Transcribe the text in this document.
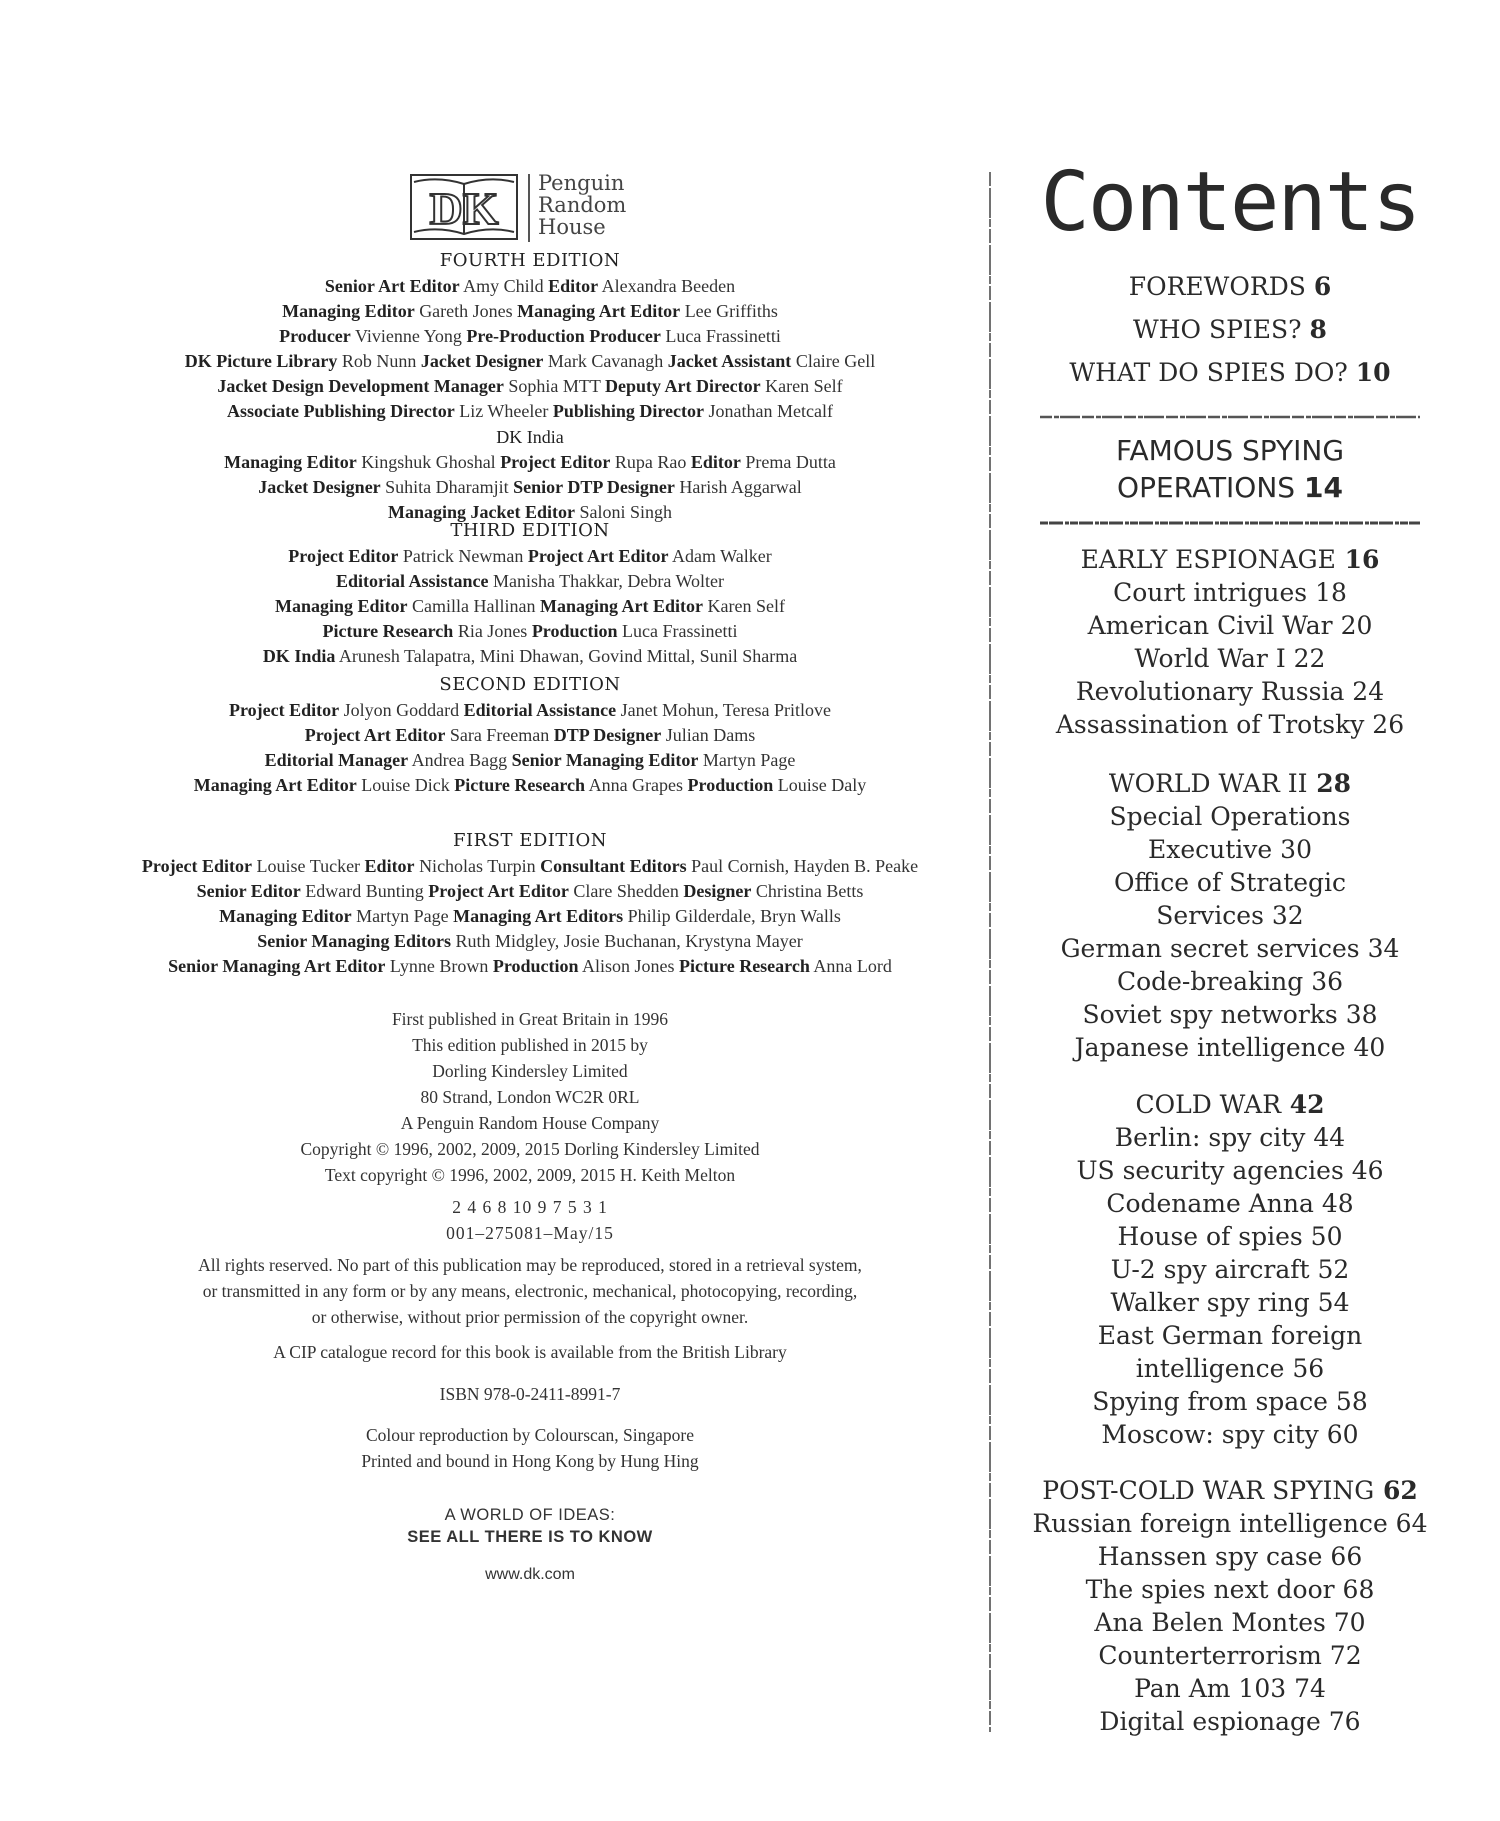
DK Penguin
Random
House
FOURTH EDITION
Senior Art Editor Amy Child Editor Alexandra Beeden
Managing Editor Gareth Jones Managing Art Editor Lee Griffiths
Producer Vivienne Yong Pre-Production Producer Luca Frassinetti
DK Picture Library Rob Nunn Jacket Designer Mark Cavanagh Jacket Assistant Claire Gell
Jacket Design Development Manager Sophia MTT Deputy Art Director Karen Self
Associate Publishing Director Liz Wheeler Publishing Director Jonathan Metcalf
DK India
Managing Editor Kingshuk Ghoshal Project Editor Rupa Rao Editor Prema Dutta
Jacket Designer Suhita Dharamjit Senior DTP Designer Harish Aggarwal
Managing Jacket Editor Saloni Singh
THIRD EDITION
Project Editor Patrick Newman Project Art Editor Adam Walker
Editorial Assistance Manisha Thakkar, Debra Wolter
Managing Editor Camilla Hallinan Managing Art Editor Karen Self
Picture Research Ria Jones Production Luca Frassinetti
DK India Arunesh Talapatra, Mini Dhawan, Govind Mittal, Sunil Sharma
SECOND EDITION
Project Editor Jolyon Goddard Editorial Assistance Janet Mohun, Teresa Pritlove
Project Art Editor Sara Freeman DTP Designer Julian Dams
Editorial Manager Andrea Bagg Senior Managing Editor Martyn Page
Managing Art Editor Louise Dick Picture Research Anna Grapes Production Louise Daly
FIRST EDITION
Project Editor Louise Tucker Editor Nicholas Turpin Consultant Editors Paul Cornish, Hayden B. Peake
Senior Editor Edward Bunting Project Art Editor Clare Shedden Designer Christina Betts
Managing Editor Martyn Page Managing Art Editors Philip Gilderdale, Bryn Walls
Senior Managing Editors Ruth Midgley, Josie Buchanan, Krystyna Mayer
Senior Managing Art Editor Lynne Brown Production Alison Jones Picture Research Anna Lord
First published in Great Britain in 1996
This edition published in 2015 by
Dorling Kindersley Limited
80 Strand, London WC2R 0RL
A Penguin Random House Company
Copyright © 1996, 2002, 2009, 2015 Dorling Kindersley Limited
Text copyright © 1996, 2002, 2009, 2015 H. Keith Melton
2 4 6 8 10 9 7 5 3 1
001–275081–May/15
All rights reserved. No part of this publication may be reproduced, stored in a retrieval system,
or transmitted in any form or by any means, electronic, mechanical, photocopying, recording,
or otherwise, without prior permission of the copyright owner.
A CIP catalogue record for this book is available from the British Library
ISBN 978-0-2411-8991-7
Colour reproduction by Colourscan, Singapore
Printed and bound in Hong Kong by Hung Hing
A WORLD OF IDEAS:
SEE ALL THERE IS TO KNOW
www.dk.com
Contents
FOREWORDS 6
WHO SPIES? 8
WHAT DO SPIES DO? 10
FAMOUS SPYING
OPERATIONS 14
EARLY ESPIONAGE 16
Court intrigues 18
American Civil War 20
World War I 22
Revolutionary Russia 24
Assassination of Trotsky 26
WORLD WAR II 28
Special Operations
Executive 30
Office of Strategic
Services 32
German secret services 34
Code-breaking 36
Soviet spy networks 38
Japanese intelligence 40
COLD WAR 42
Berlin: spy city 44
US security agencies 46
Codename Anna 48
House of spies 50
U-2 spy aircraft 52
Walker spy ring 54
East German foreign
intelligence 56
Spying from space 58
Moscow: spy city 60
POST-COLD WAR SPYING 62
Russian foreign intelligence 64
Hanssen spy case 66
The spies next door 68
Ana Belen Montes 70
Counterterrorism 72
Pan Am 103 74
Digital espionage 76
